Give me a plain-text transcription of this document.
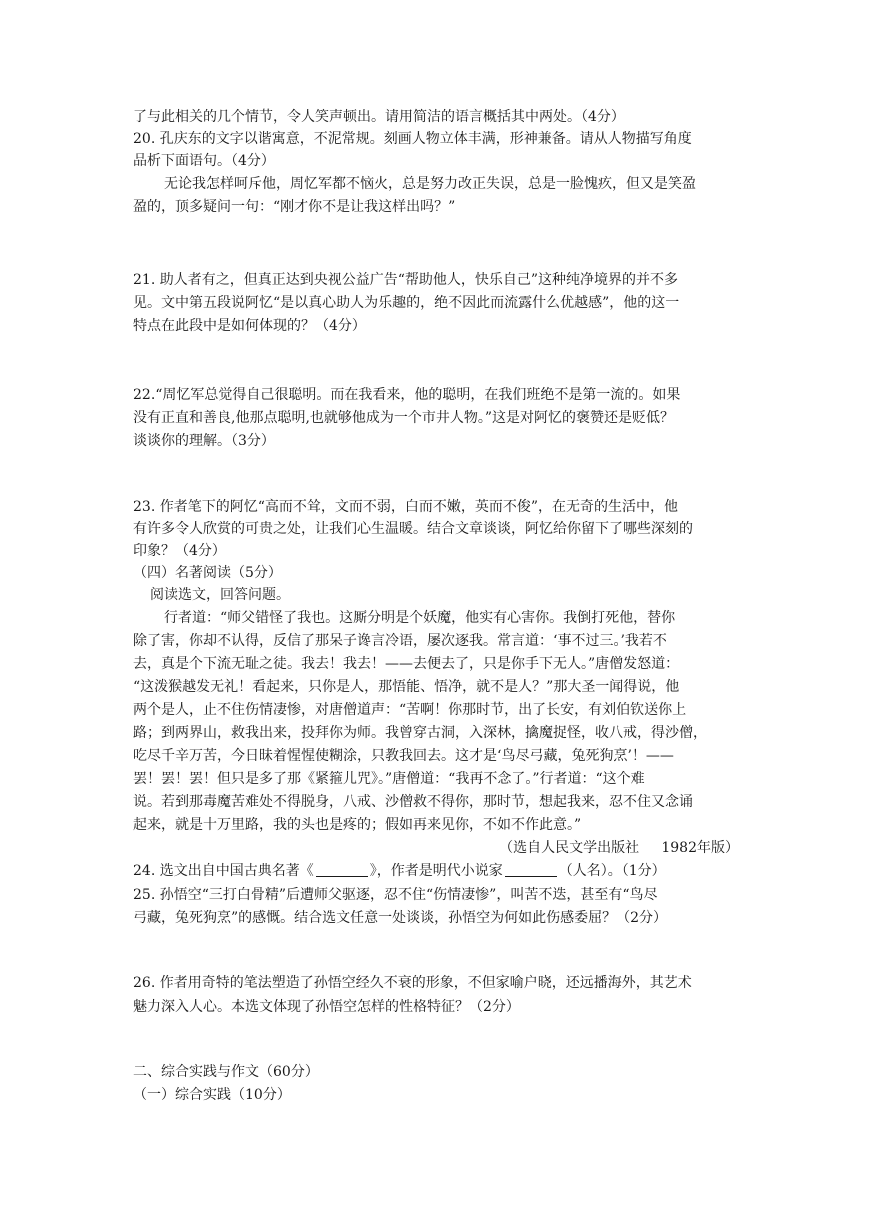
了与此相关的几个情节，令人笑声顿出。请用简洁的语言概括其中两处。（4分）
20. 孔庆东的文字以谐寓意，不泥常规。刻画人物立体丰满，形神兼备。请从人物描写角度
品析下面语句。（4分）
无论我怎样呵斥他，周忆军都不恼火，总是努力改正失误，总是一脸愧疚，但又是笑盈
盈的，顶多疑问一句：“刚才你不是让我这样出吗？”
21. 助人者有之，但真正达到央视公益广告“帮助他人，快乐自己”这种纯净境界的并不多
见。文中第五段说阿忆“是以真心助人为乐趣的，绝不因此而流露什么优越感”，他的这一
特点在此段中是如何体现的？（4分）
22.“周忆军总觉得自己很聪明。而在我看来，他的聪明，在我们班绝不是第一流的。如果
没有正直和善良,他那点聪明,也就够他成为一个市井人物。”这是对阿忆的褒赞还是贬低？
谈谈你的理解。（3分）
23. 作者笔下的阿忆“高而不耸，文而不弱，白而不嫩，英而不俊”，在无奇的生活中，他
有许多令人欣赏的可贵之处，让我们心生温暖。结合文章谈谈，阿忆给你留下了哪些深刻的
印象？（4分）
（四）名著阅读（5分）
阅读选文，回答问题。
行者道：“师父错怪了我也。这厮分明是个妖魔，他实有心害你。我倒打死他，替你
除了害，你却不认得，反信了那呆子谗言冷语，屡次逐我。常言道：‘事不过三。’我若不
去，真是个下流无耻之徒。我去！我去！——去便去了，只是你手下无人。”唐僧发怒道：
“这泼猴越发无礼！看起来，只你是人，那悟能、悟净，就不是人？”那大圣一闻得说，他
两个是人，止不住伤情凄惨，对唐僧道声：“苦啊！你那时节，出了长安，有刘伯钦送你上
路；到两界山，救我出来，投拜你为师。我曾穿古洞，入深林，擒魔捉怪，收八戒，得沙僧，
吃尽千辛万苦，今日昧着惺惺使糊涂，只教我回去。这才是‘鸟尽弓藏，兔死狗烹’！——
罢！罢！罢！但只是多了那《紧箍儿咒》。”唐僧道：“我再不念了。”行者道：“这个难
说。若到那毒魔苦难处不得脱身，八戒、沙僧救不得你，那时节，想起我来，忍不住又念诵
起来，就是十万里路，我的头也是疼的；假如再来见你，不如不作此意。”
（选自人民文学出版社     1982年版）
24. 选文出自中国古典名著《	》，作者是明代小说家	（人名）。（1分）
25. 孙悟空“三打白骨精”后遭师父驱逐，忍不住“伤情凄惨”，叫苦不迭，甚至有“鸟尽
弓藏，兔死狗烹”的感慨。结合选文任意一处谈谈，孙悟空为何如此伤感委屈？（2分）
26. 作者用奇特的笔法塑造了孙悟空经久不衰的形象，不但家喻户晓，还远播海外，其艺术
魅力深入人心。本选文体现了孙悟空怎样的性格特征？（2分）
二、综合实践与作文（60分）
（一）综合实践（10分）
